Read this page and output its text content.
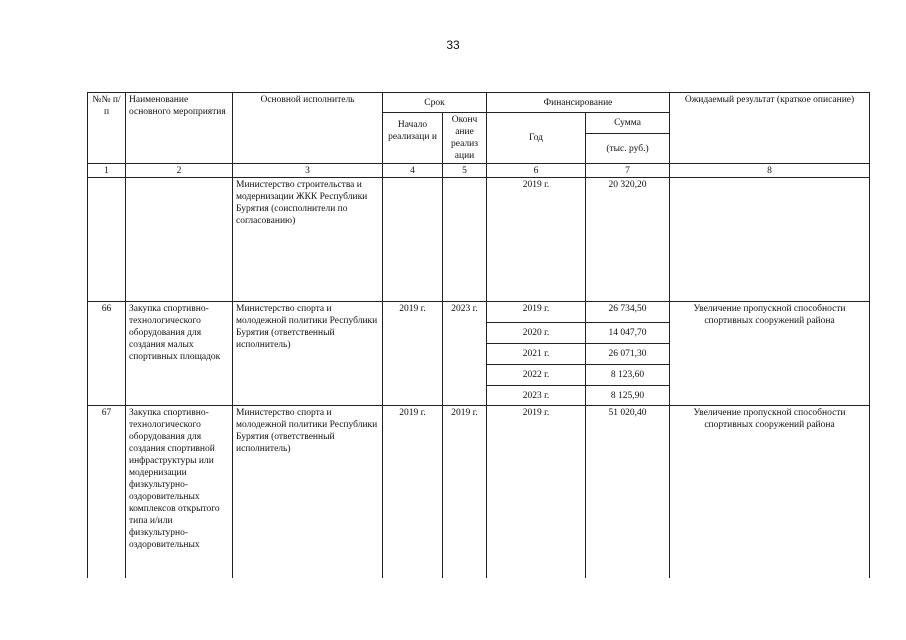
33
№№ п/п	Наименование основного мероприятия	Основной исполнитель	Срок		Финансирование		Ожидаемый результат (краткое описание)
			Начало реализаци и	Оконч ание реализ ации	Год	Сумма	
						(тыс. руб.)	
1	2	3	4	5	6	7	8
		Министерство строительства и модернизации ЖКК Республики Бурятия (соисполнители по согласованию)			2019 г.	20 320,20	
66	Закупка спортивно-технологического оборудования для создания малых спортивных площадок	Министерство спорта и молодежной политики Республики Бурятия (ответственный исполнитель)	2019 г.	2023 г.	2019 г.	26 734,50	Увеличение пропускной способности спортивных сооружений района
					2020 г.	14 047,70	
					2021 г.	26 071,30	
					2022 г.	8 123,60	
					2023 г.	8 125,90	
67	Закупка спортивно-технологического оборудования для создания спортивной инфраструктуры или модернизации физкультурно-оздоровительных комплексов открытого типа и/или физкультурно-оздоровительных	Министерство спорта и молодежной политики Республики Бурятия (ответственный исполнитель)	2019 г.	2019 г.	2019 г.	51 020,40	Увеличение пропускной способности спортивных сооружений района
